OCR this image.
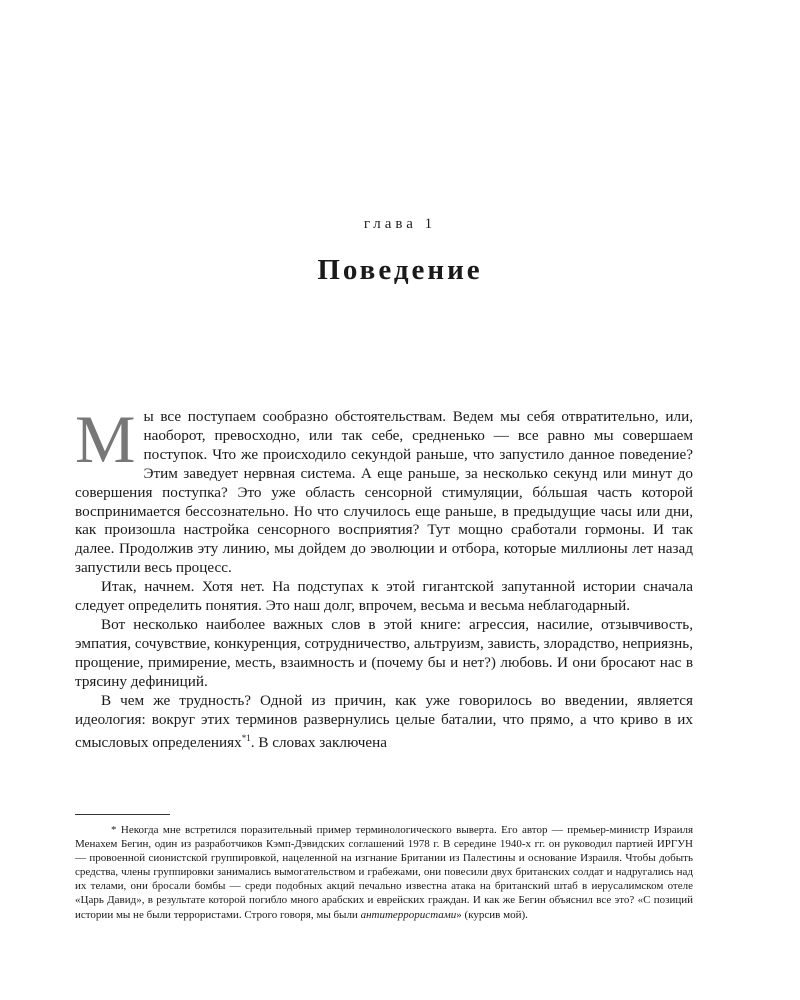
глава 1
Поведение

Мы все поступаем сообразно обстоятельствам. Ведем мы себя отвратительно, или, наоборот, превосходно, или так себе, средненько — все равно мы совершаем поступок. Что же происходило секундой раньше, что запустило данное поведение? Этим заведует нервная система. А еще раньше, за несколько секунд или минут до совершения поступка? Это уже область сенсорной стимуляции, бóльшая часть которой воспринимается бессознательно. Но что случилось еще раньше, в предыдущие часы или дни, как произошла настройка сенсорного восприятия? Тут мощно сработали гормоны. И так далее. Продолжив эту линию, мы дойдем до эволюции и отбора, которые миллионы лет назад запустили весь процесс.

Итак, начнем. Хотя нет. На подступах к этой гигантской запутанной истории сначала следует определить понятия. Это наш долг, впрочем, весьма и весьма неблагодарный.

Вот несколько наиболее важных слов в этой книге: агрессия, насилие, отзывчивость, эмпатия, сочувствие, конкуренция, сотрудничество, альтруизм, зависть, злорадство, неприязнь, прощение, примирение, месть, взаимность и (почему бы и нет?) любовь. И они бросают нас в трясину дефиниций.

В чем же трудность? Одной из причин, как уже говорилось во введении, является идеология: вокруг этих терминов развернулись целые баталии, что прямо, а что криво в их смысловых определениях$^{*1}$. В словах заключена

* Некогда мне встретился поразительный пример терминологического выверта. Его автор — премьер-министр Израиля Менахем Бегин, один из разработчиков Кэмп-Дэвидских соглашений 1978 г. В середине 1940-х гг. он руководил партией ИРГУН — провоенной сионистской группировкой, нацеленной на изгнание Британии из Палестины и основание Израиля. Чтобы добыть средства, члены группировки занимались вымогательством и грабежами, они повесили двух британских солдат и надругались над их телами, они бросали бомбы — среди подобных акций печально известна атака на британский штаб в иерусалимском отеле «Царь Давид», в результате которой погибло много арабских и еврейских граждан. И как же Бегин объяснил все это? «С позиций истории мы не были террористами. Строго говоря, мы были антитеррористами» (курсив мой).
